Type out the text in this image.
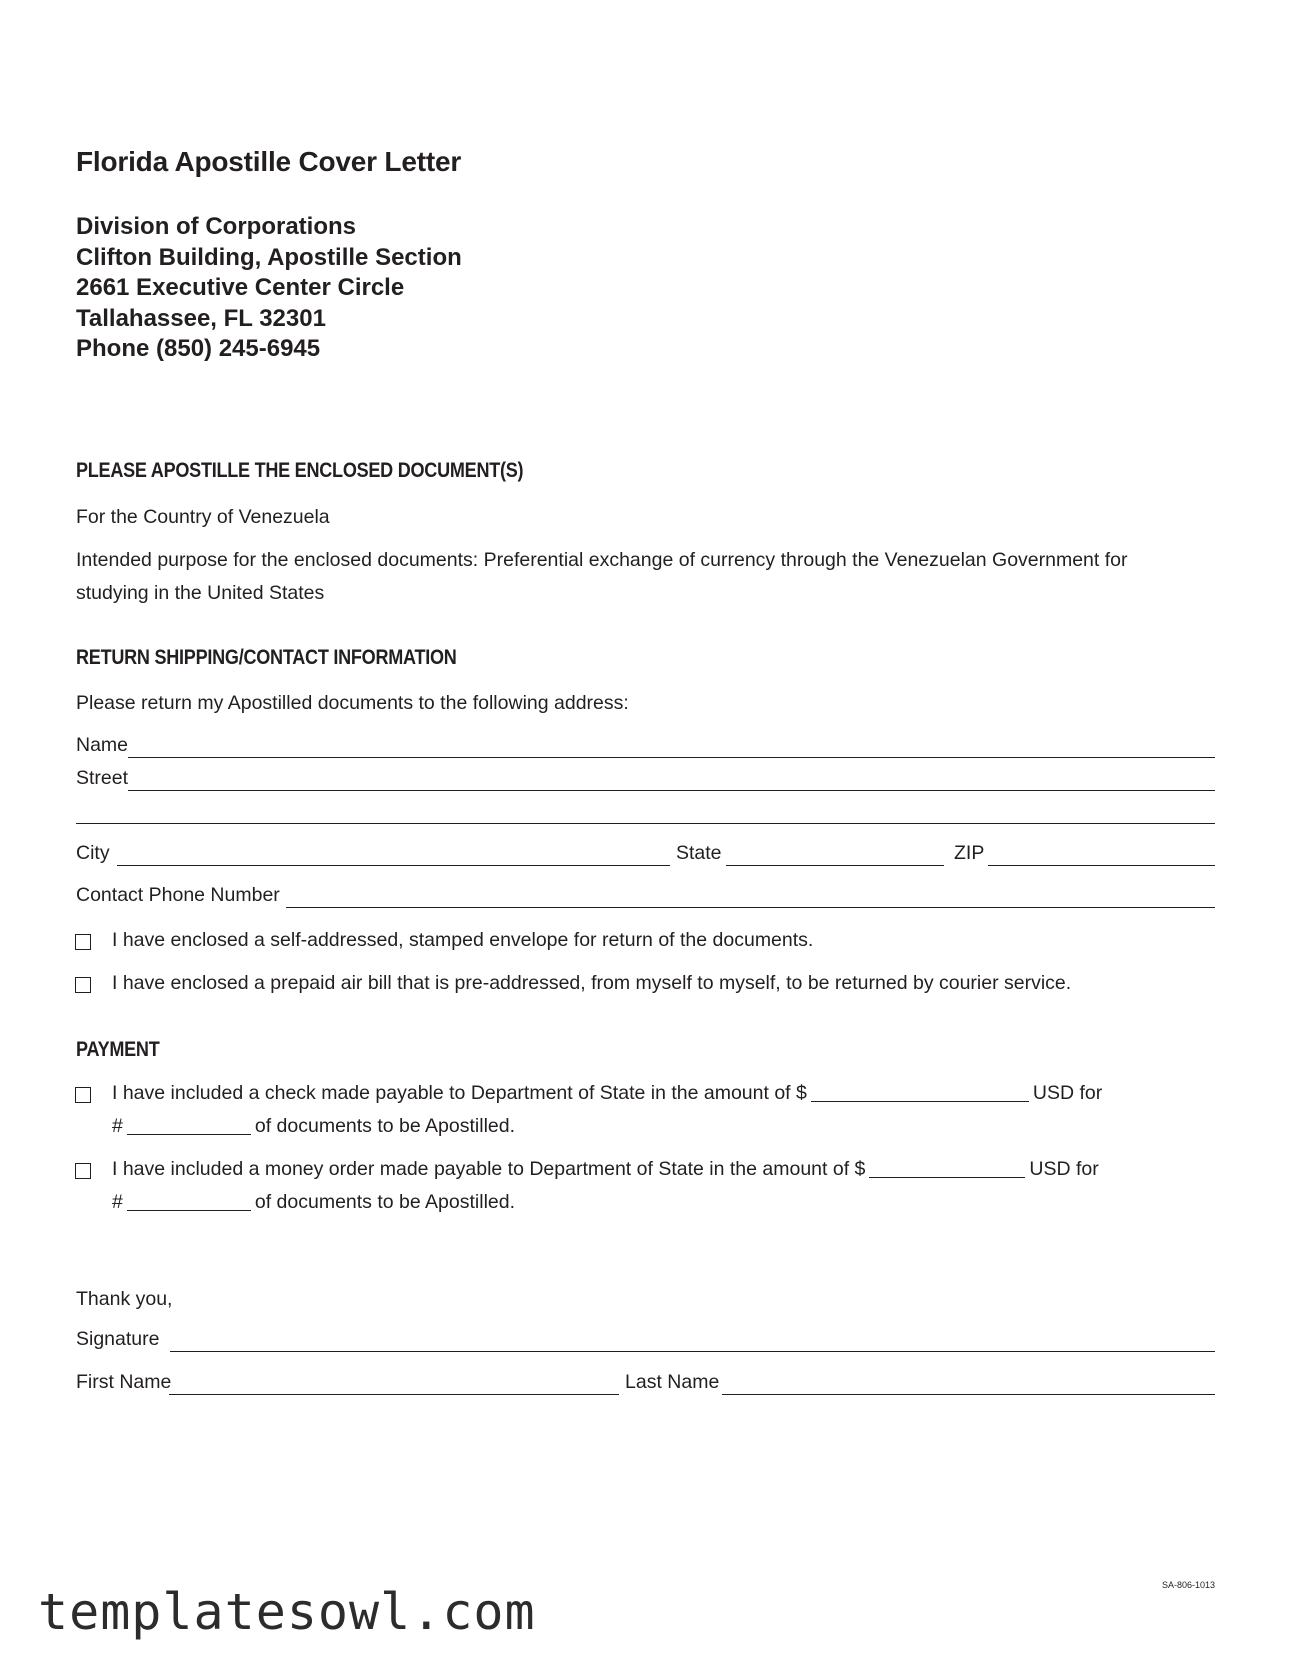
Florida Apostille Cover Letter
Division of Corporations
Clifton Building, Apostille Section
2661 Executive Center Circle
Tallahassee, FL 32301
Phone (850) 245-6945
PLEASE APOSTILLE THE ENCLOSED DOCUMENT(S)
For the Country of Venezuela
Intended purpose for the enclosed documents: Preferential exchange of currency through the Venezuelan Government for
studying in the United States
RETURN SHIPPING/CONTACT INFORMATION
Please return my Apostilled documents to the following address:
Name
Street
City	State	ZIP
Contact Phone Number
I have enclosed a self-addressed, stamped envelope for return of the documents.
I have enclosed a prepaid air bill that is pre-addressed, from myself to myself, to be returned by courier service.
PAYMENT
I have included a check made payable to Department of State in the amount of $	USD for
#	of documents to be Apostilled.
I have included a money order made payable to Department of State in the amount of $	USD for
#	of documents to be Apostilled.
Thank you,
Signature
First Name	Last Name
SA-806-1013
templatesowl.com
